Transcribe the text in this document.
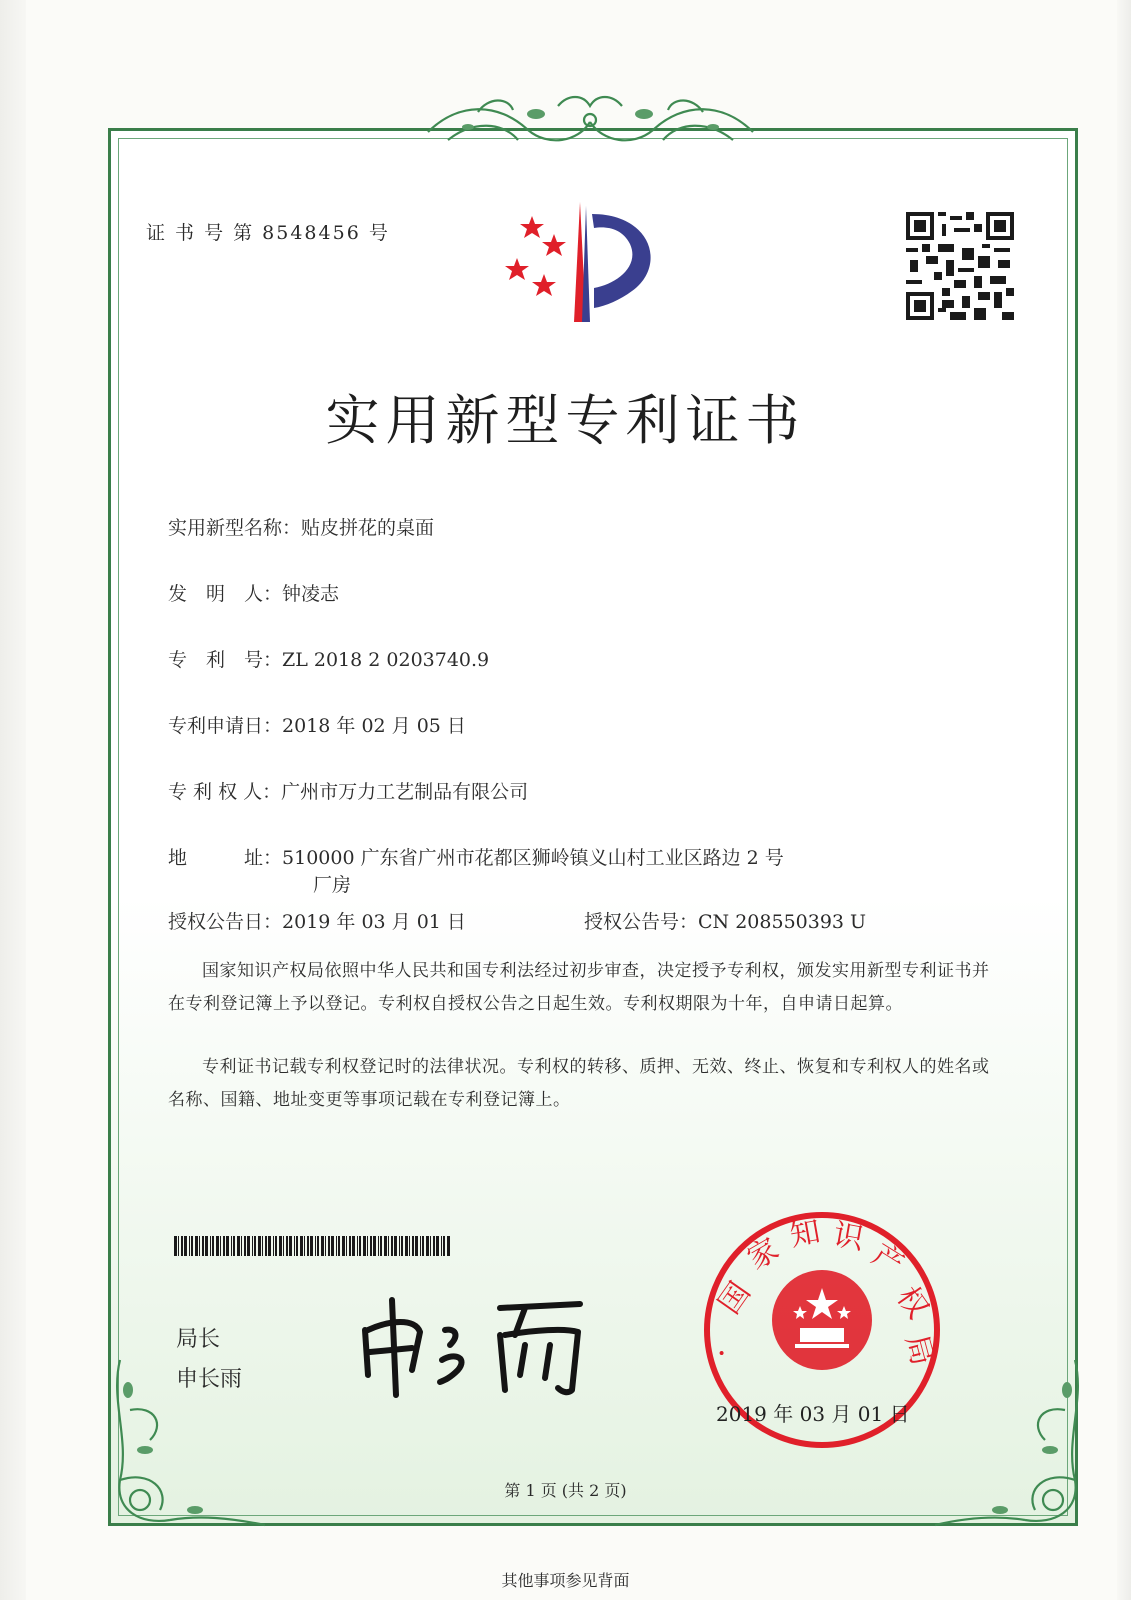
证 书 号 第 8548456 号
实用新型专利证书
实用新型名称：贴皮拼花的桌面
发　明　人：钟凌志
专　利　号：ZL 2018 2 0203740.9
专利申请日：2018 年 02 月 05 日
专 利 权 人：广州市万力工艺制品有限公司
地　　　址：510000 广东省广州市花都区狮岭镇义山村工业区路边 2 号
厂房
授权公告日：2019 年 03 月 01 日	授权公告号：CN 208550393 U
国家知识产权局依照中华人民共和国专利法经过初步审查，决定授予专利权，颁发实用新型专利证书并在专利登记簿上予以登记。专利权自授权公告之日起生效。专利权期限为十年，自申请日起算。
专利证书记载专利权登记时的法律状况。专利权的转移、质押、无效、终止、恢复和专利权人的姓名或名称、国籍、地址变更等事项记载在专利登记簿上。
局长
申长雨
国
家 知 识 产
权
局
•
2019 年 03 月 01 日
第 1 页 (共 2 页)
其他事项参见背面
